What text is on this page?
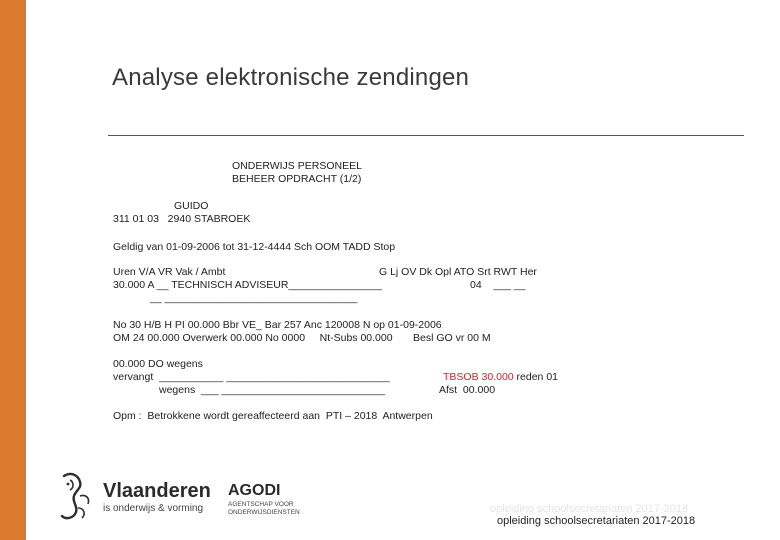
Analyse elektronische zendingen
ONDERWIJS PERSONEEL
BEHEER OPDRACHT (1/2)
GUIDO
311 01 03   2940 STABROEK
Geldig van 01-09-2006 tot 31-12-4444 Sch OOM TADD Stop
Uren V/A VR Vak / Ambt	G Lj OV Dk Opl ATO Srt RWT Her
30.000 A __ TECHNISCH ADVISEUR________________	04    ___ __
__ _________________________________
No 30 H/B H PI 00.000 Bbr VE_ Bar 257 Anc 120008 N op 01-09-2006
OM 24 00.000 Overwerk 00.000 No 0000     Nt-Subs 00.000       Besl GO vr 00 M
00.000 DO wegens
vervangt  ___________ ____________________________	TBSOB 30.000 reden 01
wegens  ___ ____________________________	Afst  00.000
Opm :  Betrokkene wordt gereaffecteerd aan  PTI – 2018  Antwerpen
Vlaanderen
is onderwijs & vorming
AGODI
AGENTSCHAP VOOR
ONDERWIJSDIENSTEN	opleiding schoolsecretariaten 2017-2018
opleiding schoolsecretariaten 2017-2018
